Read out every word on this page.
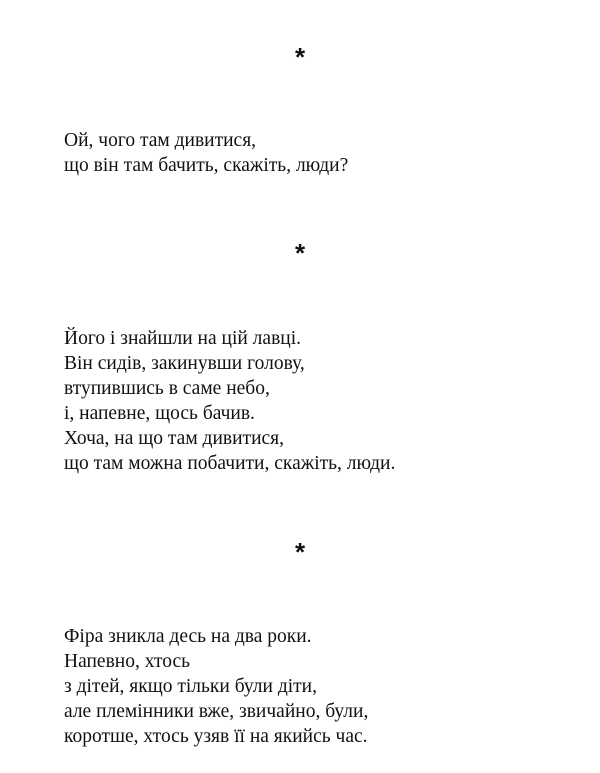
*
Ой, чого там дивитися,
що він там бачить, скажіть, люди?
*
Його і знайшли на цій лавці.
Він сидів, закинувши голову,
втупившись в саме небо,
і, напевне, щось бачив.
Хоча, на що там дивитися,
що там можна побачити, скажіть, люди.
*
Фіра зникла десь на два роки.
Напевно, хтось
з дітей, якщо тільки були діти,
але племінники вже, звичайно, були,
коротше, хтось узяв її на якийсь час.
